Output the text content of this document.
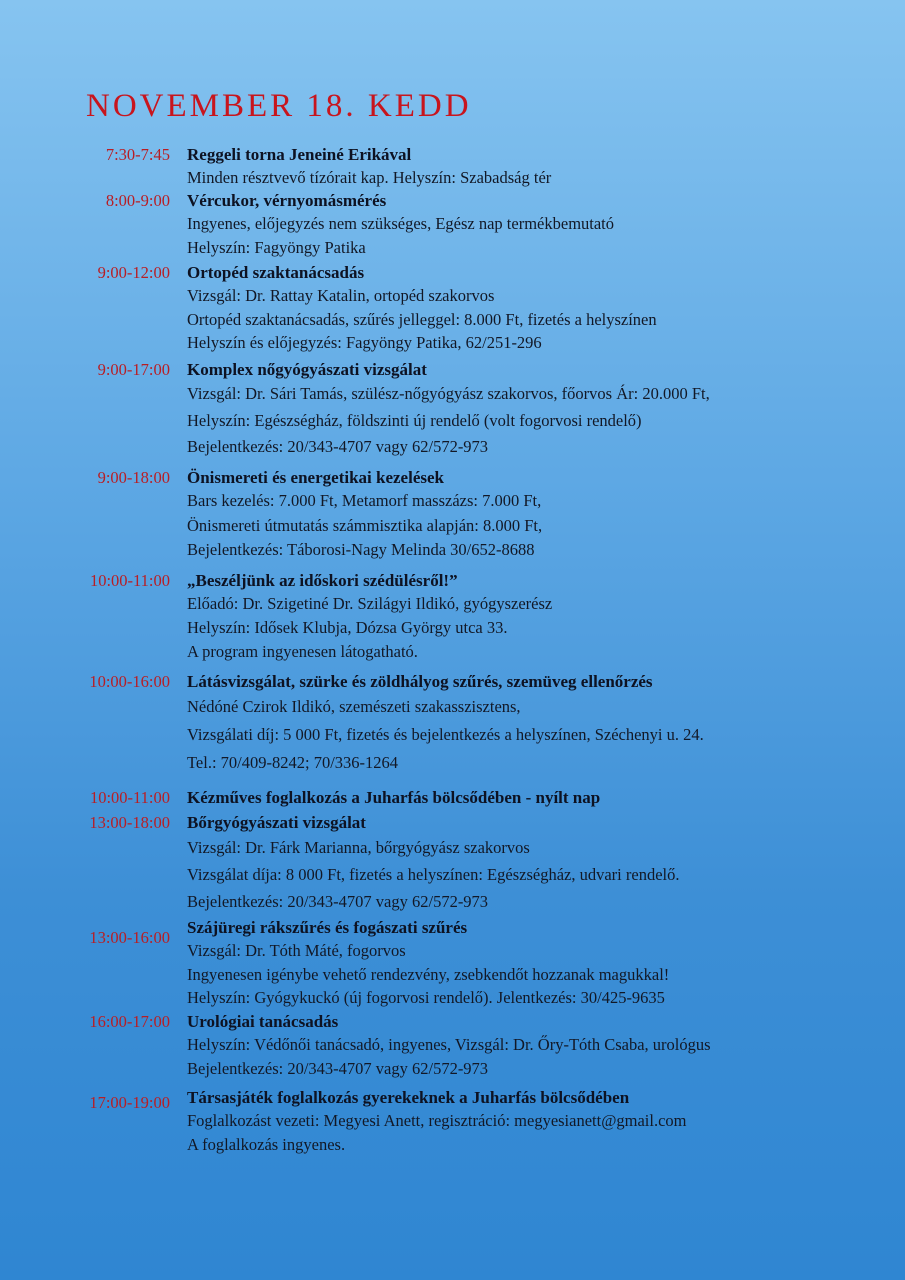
NOVEMBER 18. KEDD
7:30-7:45 Reggeli torna Jeneiné Erikával
Minden résztvevő tízórait kap. Helyszín: Szabadság tér
8:00-9:00 Vércukor, vérnyomásmérés
Ingyenes, előjegyzés nem szükséges, Egész nap termékbemutató
Helyszín: Fagyöngy Patika
9:00-12:00 Ortopéd szaktanácsadás
Vizsgál: Dr. Rattay Katalin, ortopéd szakorvos
Ortopéd szaktanácsadás, szűrés jelleggel: 8.000 Ft, fizetés a helyszínen
Helyszín és előjegyzés: Fagyöngy Patika, 62/251-296
9:00-17:00 Komplex nőgyógyászati vizsgálat
Vizsgál: Dr. Sári Tamás, szülész-nőgyógyász szakorvos, főorvos Ár: 20.000 Ft,
Helyszín: Egészségház, földszinti új rendelő (volt fogorvosi rendelő)
Bejelentkezés: 20/343-4707 vagy 62/572-973
9:00-18:00 Önismereti és energetikai kezelések
Bars kezelés: 7.000 Ft, Metamorf masszázs: 7.000 Ft,
Önismereti útmutatás számmisztika alapján: 8.000 Ft,
Bejelentkezés: Táborosi-Nagy Melinda 30/652-8688
10:00-11:00 „Beszéljünk az időskori szédülésről!”
Előadó: Dr. Szigetiné Dr. Szilágyi Ildikó, gyógyszerész
Helyszín: Idősek Klubja, Dózsa György utca 33.
A program ingyenesen látogatható.
10:00-16:00 Látásvizsgálat, szürke és zöldhályog szűrés, szemüveg ellenőrzés
Nédóné Czirok Ildikó, szemészeti szakasszisztens,
Vizsgálati díj: 5 000 Ft, fizetés és bejelentkezés a helyszínen, Széchenyi u. 24.
Tel.: 70/409-8242; 70/336-1264
10:00-11:00 Kézműves foglalkozás a Juharfás bölcsődében - nyílt nap
13:00-18:00 Bőrgyógyászati vizsgálat
Vizsgál: Dr. Fárk Marianna, bőrgyógyász szakorvos
Vizsgálat díja: 8 000 Ft, fizetés a helyszínen: Egészségház, udvari rendelő.
Bejelentkezés: 20/343-4707 vagy 62/572-973
13:00-16:00
Szájüregi rákszűrés és fogászati szűrés
Vizsgál: Dr. Tóth Máté, fogorvos
Ingyenesen igénybe vehető rendezvény, zsebkendőt hozzanak magukkal!
Helyszín: Gyógykuckó (új fogorvosi rendelő). Jelentkezés: 30/425-9635
16:00-17:00 Urológiai tanácsadás
Helyszín: Védőnői tanácsadó, ingyenes, Vizsgál: Dr. Őry-Tóth Csaba, urológus
Bejelentkezés: 20/343-4707 vagy 62/572-973
17:00-19:00 Társasjáték foglalkozás gyerekeknek a Juharfás bölcsődében
Foglalkozást vezeti: Megyesi Anett, regisztráció: megyesianett@gmail.com
A foglalkozás ingyenes.
